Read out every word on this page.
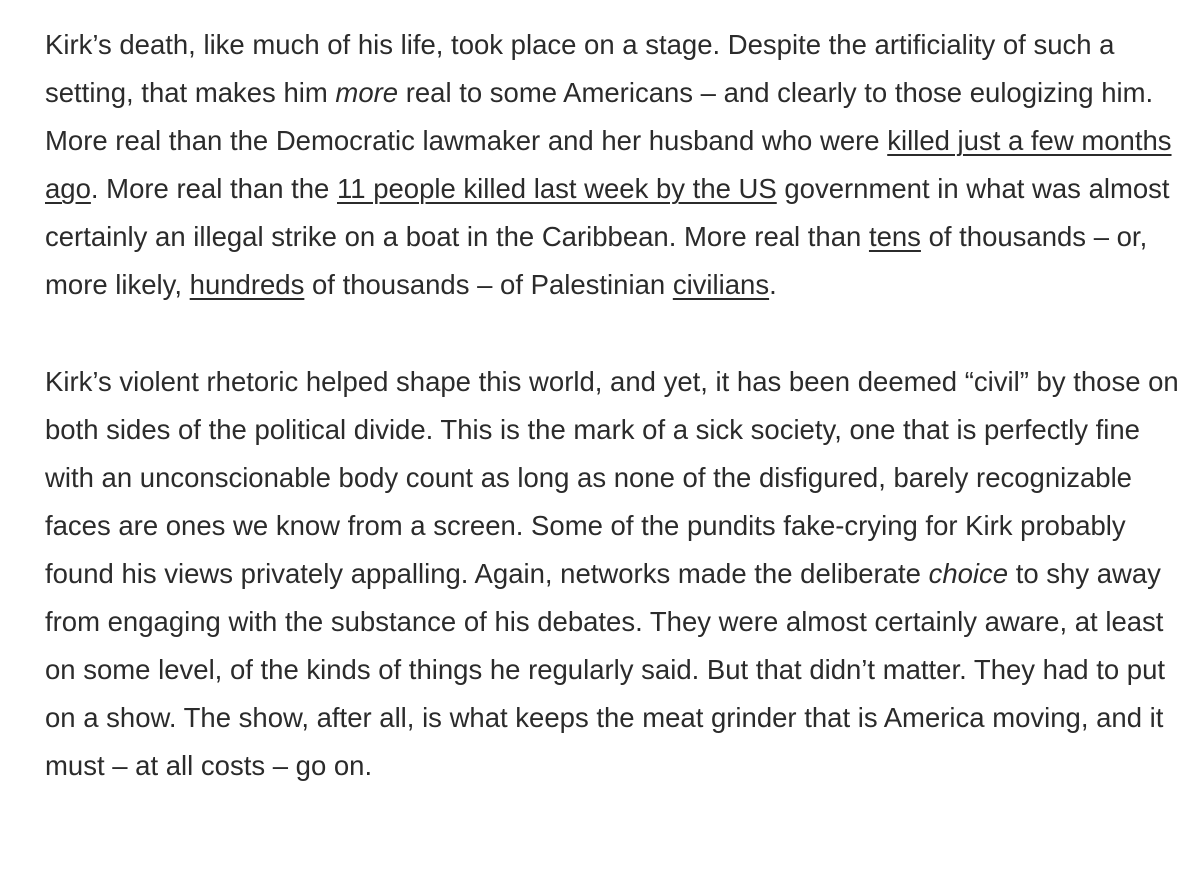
Kirk’s death, like much of his life, took place on a stage. Despite the artificiality of such a setting, that makes him more real to some Americans – and clearly to those eulogizing him. More real than the Democratic lawmaker and her husband who were killed just a few months ago. More real than the 11 people killed last week by the US government in what was almost certainly an illegal strike on a boat in the Caribbean. More real than tens of thousands – or, more likely, hundreds of thousands – of Palestinian civilians.

Kirk’s violent rhetoric helped shape this world, and yet, it has been deemed “civil” by those on both sides of the political divide. This is the mark of a sick society, one that is perfectly fine with an unconscionable body count as long as none of the disfigured, barely recognizable faces are ones we know from a screen. Some of the pundits fake-crying for Kirk probably found his views privately appalling. Again, networks made the deliberate choice to shy away from engaging with the substance of his debates. They were almost certainly aware, at least on some level, of the kinds of things he regularly said. But that didn’t matter. They had to put on a show. The show, after all, is what keeps the meat grinder that is America moving, and it must – at all costs – go on.
